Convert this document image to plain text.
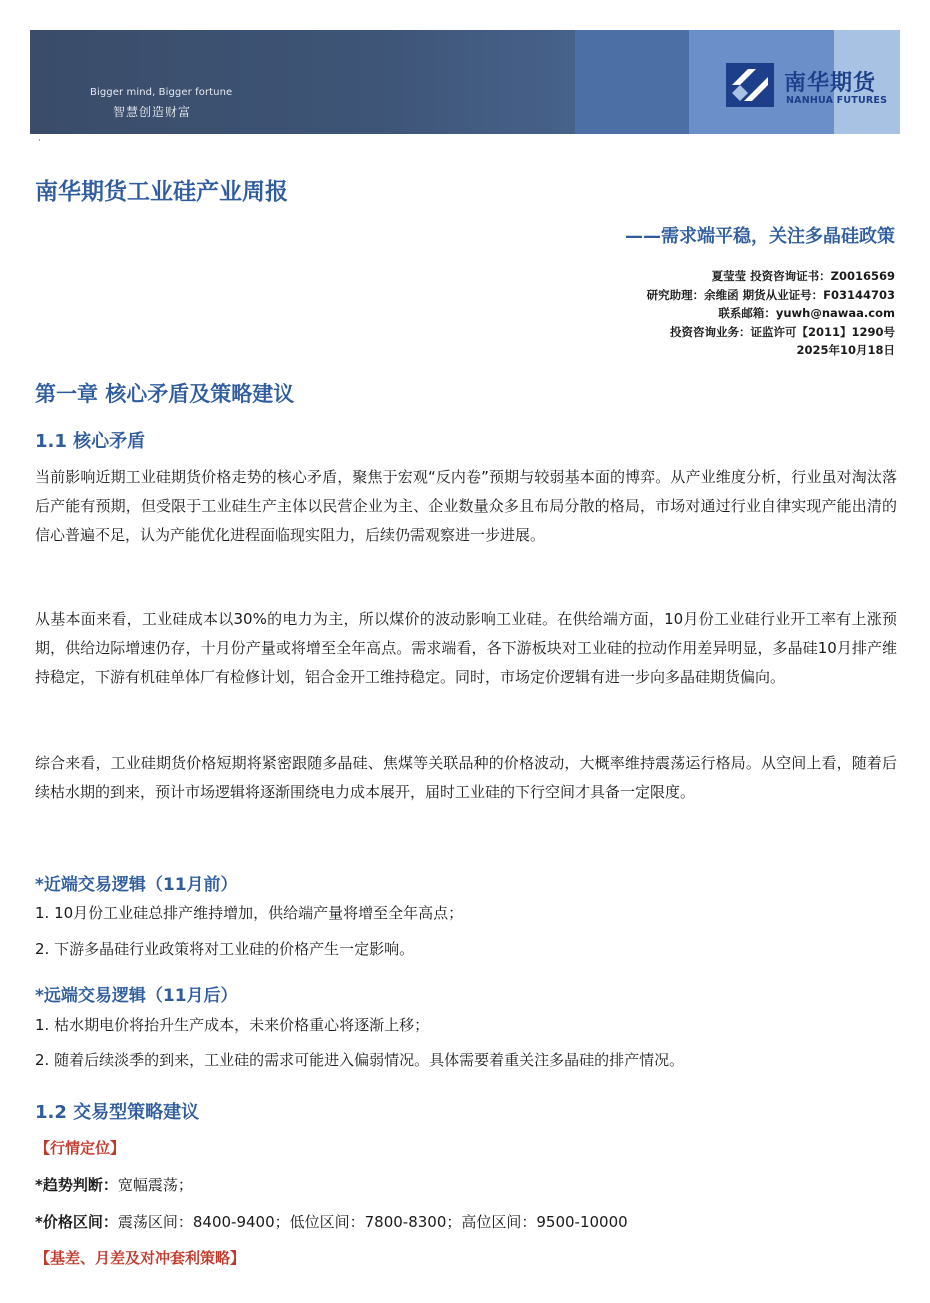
Bigger mind, Bigger fortune
智慧创造财富
南华期货
NANHUA FUTURES
·
南华期货工业硅产业周报
——需求端平稳，关注多晶硅政策
夏莹莹 投资咨询证书：Z0016569
研究助理：余维函 期货从业证号：F03144703
联系邮箱：yuwh@nawaa.com
投资咨询业务：证监许可【2011】1290号
2025年10月18日
第一章 核心矛盾及策略建议
1.1 核心矛盾
当前影响近期工业硅期货价格走势的核心矛盾，聚焦于宏观“反内卷”预期与较弱基本面的博弈。从产业维度分析，行业虽对淘汰落后产能有预期，但受限于工业硅生产主体以民营企业为主、企业数量众多且布局分散的格局，市场对通过行业自律实现产能出清的信心普遍不足，认为产能优化进程面临现实阻力，后续仍需观察进一步进展。
从基本面来看，工业硅成本以30%的电力为主，所以煤价的波动影响工业硅。在供给端方面，10月份工业硅行业开工率有上涨预期，供给边际增速仍存，十月份产量或将增至全年高点。需求端看，各下游板块对工业硅的拉动作用差异明显，多晶硅10月排产维持稳定，下游有机硅单体厂有检修计划，铝合金开工维持稳定。同时，市场定价逻辑有进一步向多晶硅期货偏向。
综合来看，工业硅期货价格短期将紧密跟随多晶硅、焦煤等关联品种的价格波动，大概率维持震荡运行格局。从空间上看，随着后续枯水期的到来，预计市场逻辑将逐渐围绕电力成本展开，届时工业硅的下行空间才具备一定限度。
*近端交易逻辑（11月前）
1. 10月份工业硅总排产维持增加，供给端产量将增至全年高点；
2. 下游多晶硅行业政策将对工业硅的价格产生一定影响。
*远端交易逻辑（11月后）
1. 枯水期电价将抬升生产成本，未来价格重心将逐渐上移；
2. 随着后续淡季的到来，工业硅的需求可能进入偏弱情况。具体需要着重关注多晶硅的排产情况。
1.2 交易型策略建议
【行情定位】
*趋势判断：宽幅震荡；
*价格区间：震荡区间：8400-9400；低位区间：7800-8300；高位区间：9500-10000
【基差、月差及对冲套利策略】
